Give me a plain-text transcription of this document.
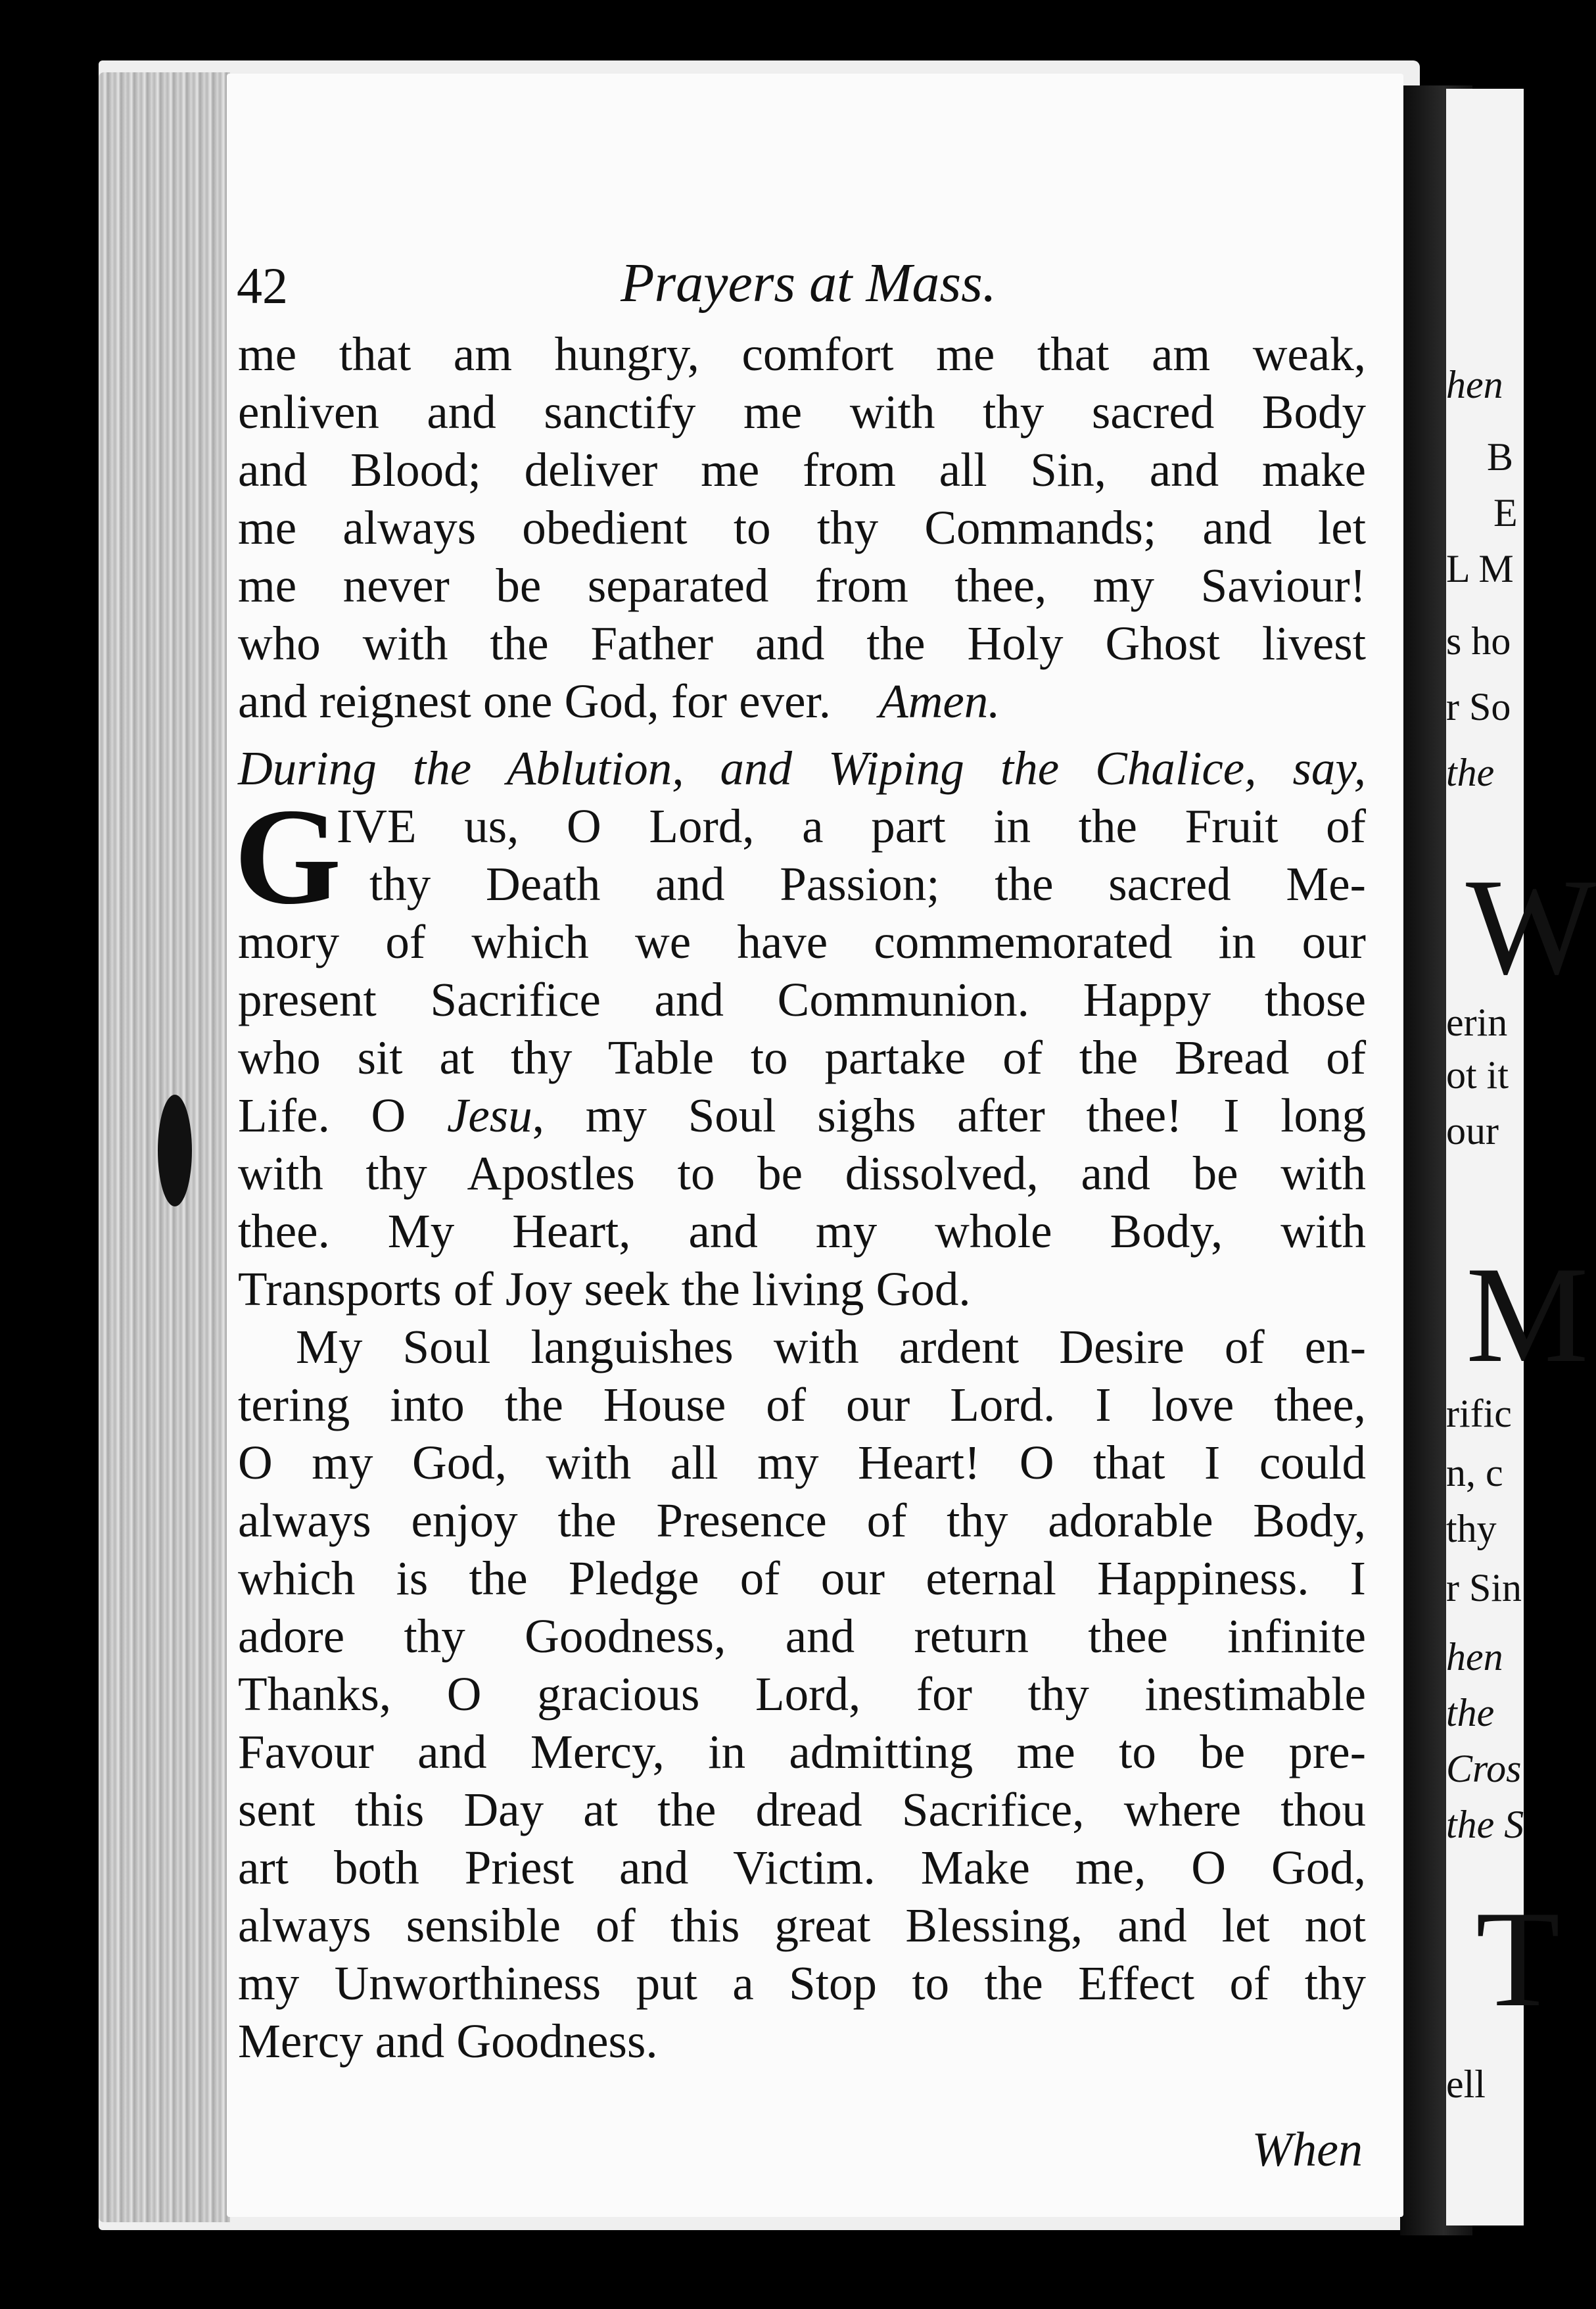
hen
B
E
L M
s ho
r So
the
W
erin
ot it
our
M
rific
n, c
thy
r Sin
hen
the
Cros
the S
T
ell
42	Prayers at Mass.
me that am hungry, comfort me that am weak,
enliven and sanctify me with thy sacred Body
and Blood; deliver me from all Sin, and make
me always obedient to thy Commands; and let
me never be separated from thee, my Saviour!
who with the Father and the Holy Ghost livest
and reignest one God, for ever. Amen.
During the Ablution, and Wiping the Chalice, say,
G
IVE us, O Lord, a part in the Fruit of
thy Death and Passion; the sacred Me-
mory of which we have commemorated in our
present Sacrifice and Communion. Happy those
who sit at thy Table to partake of the Bread of
Life. O Jesu, my Soul sighs after thee! I long
with thy Apostles to be dissolved, and be with
thee. My Heart, and my whole Body, with
Transports of Joy seek the living God.
My Soul languishes with ardent Desire of en-
tering into the House of our Lord. I love thee,
O my God, with all my Heart! O that I could
always enjoy the Presence of thy adorable Body,
which is the Pledge of our eternal Happiness. I
adore thy Goodness, and return thee infinite
Thanks, O gracious Lord, for thy inestimable
Favour and Mercy, in admitting me to be pre-
sent this Day at the dread Sacrifice, where thou
art both Priest and Victim. Make me, O God,
always sensible of this great Blessing, and let not
my Unworthiness put a Stop to the Effect of thy
Mercy and Goodness.
When
